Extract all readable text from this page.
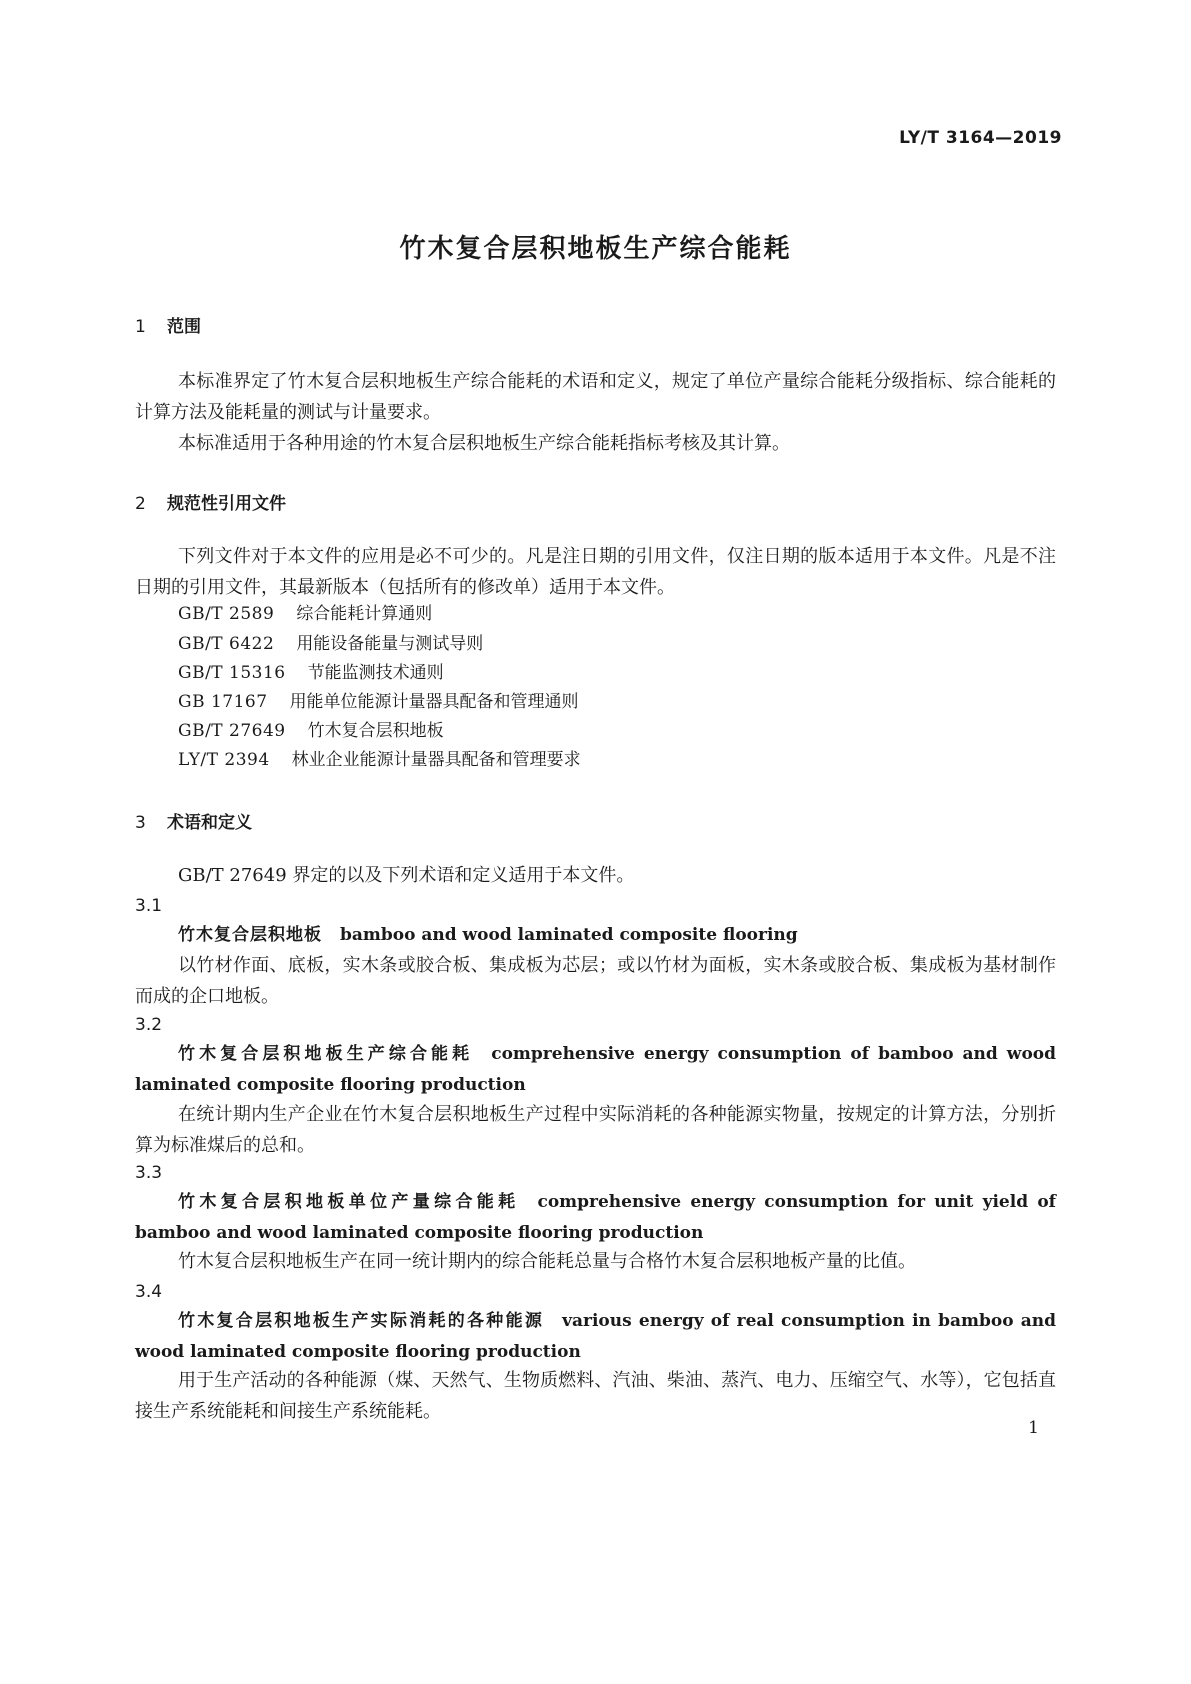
LY/T 3164—2019
竹木复合层积地板生产综合能耗
1 范围
本标准界定了竹木复合层积地板生产综合能耗的术语和定义，规定了单位产量综合能耗分级指标、综合能耗的计算方法及能耗量的测试与计量要求。
本标准适用于各种用途的竹木复合层积地板生产综合能耗指标考核及其计算。
2 规范性引用文件
下列文件对于本文件的应用是必不可少的。凡是注日期的引用文件，仅注日期的版本适用于本文件。凡是不注日期的引用文件，其最新版本（包括所有的修改单）适用于本文件。
GB/T 2589 综合能耗计算通则
GB/T 6422 用能设备能量与测试导则
GB/T 15316 节能监测技术通则
GB 17167 用能单位能源计量器具配备和管理通则
GB/T 27649 竹木复合层积地板
LY/T 2394 林业企业能源计量器具配备和管理要求
3 术语和定义
GB/T 27649 界定的以及下列术语和定义适用于本文件。
3.1
竹木复合层积地板 bamboo and wood laminated composite flooring
以竹材作面、底板，实木条或胶合板、集成板为芯层；或以竹材为面板，实木条或胶合板、集成板为基材制作而成的企口地板。
3.2
竹木复合层积地板生产综合能耗 comprehensive energy consumption of bamboo and wood laminated composite flooring production
在统计期内生产企业在竹木复合层积地板生产过程中实际消耗的各种能源实物量，按规定的计算方法，分别折算为标准煤后的总和。
3.3
竹木复合层积地板单位产量综合能耗 comprehensive energy consumption for unit yield of bamboo and wood laminated composite flooring production
竹木复合层积地板生产在同一统计期内的综合能耗总量与合格竹木复合层积地板产量的比值。
3.4
竹木复合层积地板生产实际消耗的各种能源 various energy of real consumption in bamboo and wood laminated composite flooring production
用于生产活动的各种能源（煤、天然气、生物质燃料、汽油、柴油、蒸汽、电力、压缩空气、水等），它包括直接生产系统能耗和间接生产系统能耗。
1
